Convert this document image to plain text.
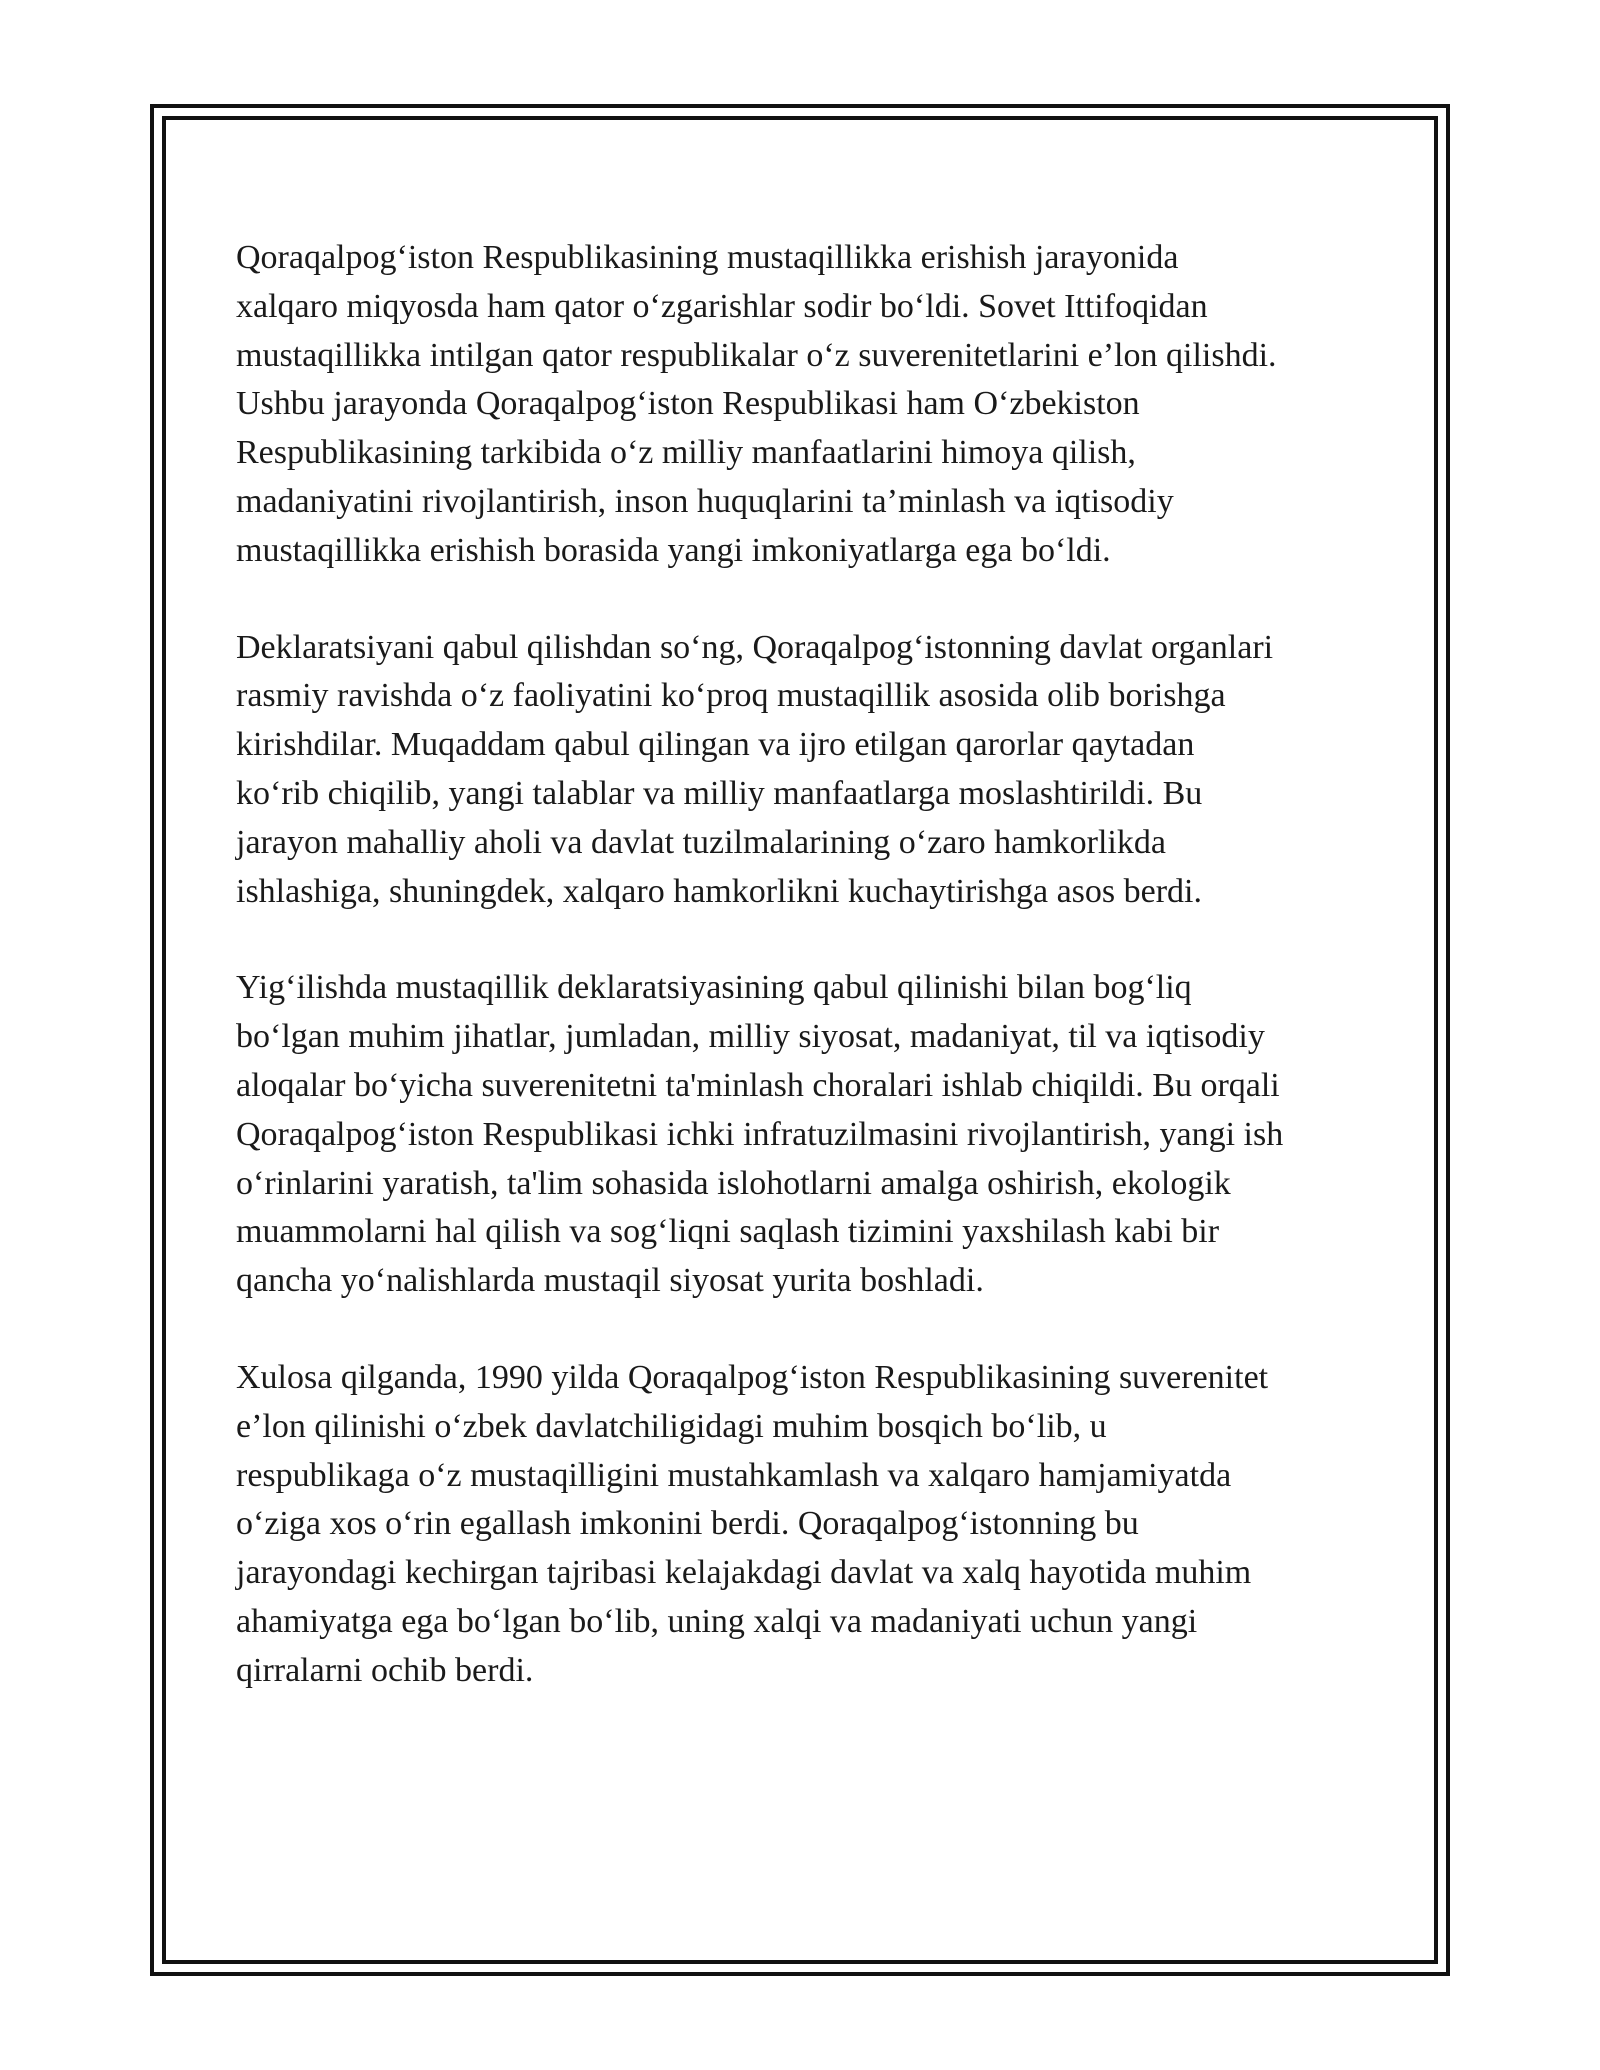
Qoraqalpogʻiston Respublikasining mustaqillikka erishish jarayonida
xalqaro miqyosda ham qator oʻzgarishlar sodir boʻldi. Sovet Ittifoqidan
mustaqillikka intilgan qator respublikalar oʻz suverenitetlarini e’lon qilishdi.
Ushbu jarayonda Qoraqalpogʻiston Respublikasi ham Oʻzbekiston
Respublikasining tarkibida oʻz milliy manfaatlarini himoya qilish,
madaniyatini rivojlantirish, inson huquqlarini ta’minlash va iqtisodiy
mustaqillikka erishish borasida yangi imkoniyatlarga ega boʻldi.

Deklaratsiyani qabul qilishdan soʻng, Qoraqalpogʻistonning davlat organlari
rasmiy ravishda oʻz faoliyatini koʻproq mustaqillik asosida olib borishga
kirishdilar. Muqaddam qabul qilingan va ijro etilgan qarorlar qaytadan
koʻrib chiqilib, yangi talablar va milliy manfaatlarga moslashtirildi. Bu
jarayon mahalliy aholi va davlat tuzilmalarining oʻzaro hamkorlikda
ishlashiga, shuningdek, xalqaro hamkorlikni kuchaytirishga asos berdi.

Yigʻilishda mustaqillik deklaratsiyasining qabul qilinishi bilan bogʻliq
boʻlgan muhim jihatlar, jumladan, milliy siyosat, madaniyat, til va iqtisodiy
aloqalar boʻyicha suverenitetni ta'minlash choralari ishlab chiqildi. Bu orqali
Qoraqalpogʻiston Respublikasi ichki infratuzilmasini rivojlantirish, yangi ish
oʻrinlarini yaratish, ta'lim sohasida islohotlarni amalga oshirish, ekologik
muammolarni hal qilish va sogʻliqni saqlash tizimini yaxshilash kabi bir
qancha yoʻnalishlarda mustaqil siyosat yurita boshladi.

Xulosa qilganda, 1990 yilda Qoraqalpogʻiston Respublikasining suverenitet
e’lon qilinishi oʻzbek davlatchiligidagi muhim bosqich boʻlib, u
respublikaga oʻz mustaqilligini mustahkamlash va xalqaro hamjamiyatda
oʻziga xos oʻrin egallash imkonini berdi. Qoraqalpogʻistonning bu
jarayondagi kechirgan tajribasi kelajakdagi davlat va xalq hayotida muhim
ahamiyatga ega boʻlgan boʻlib, uning xalqi va madaniyati uchun yangi
qirralarni ochib berdi.
